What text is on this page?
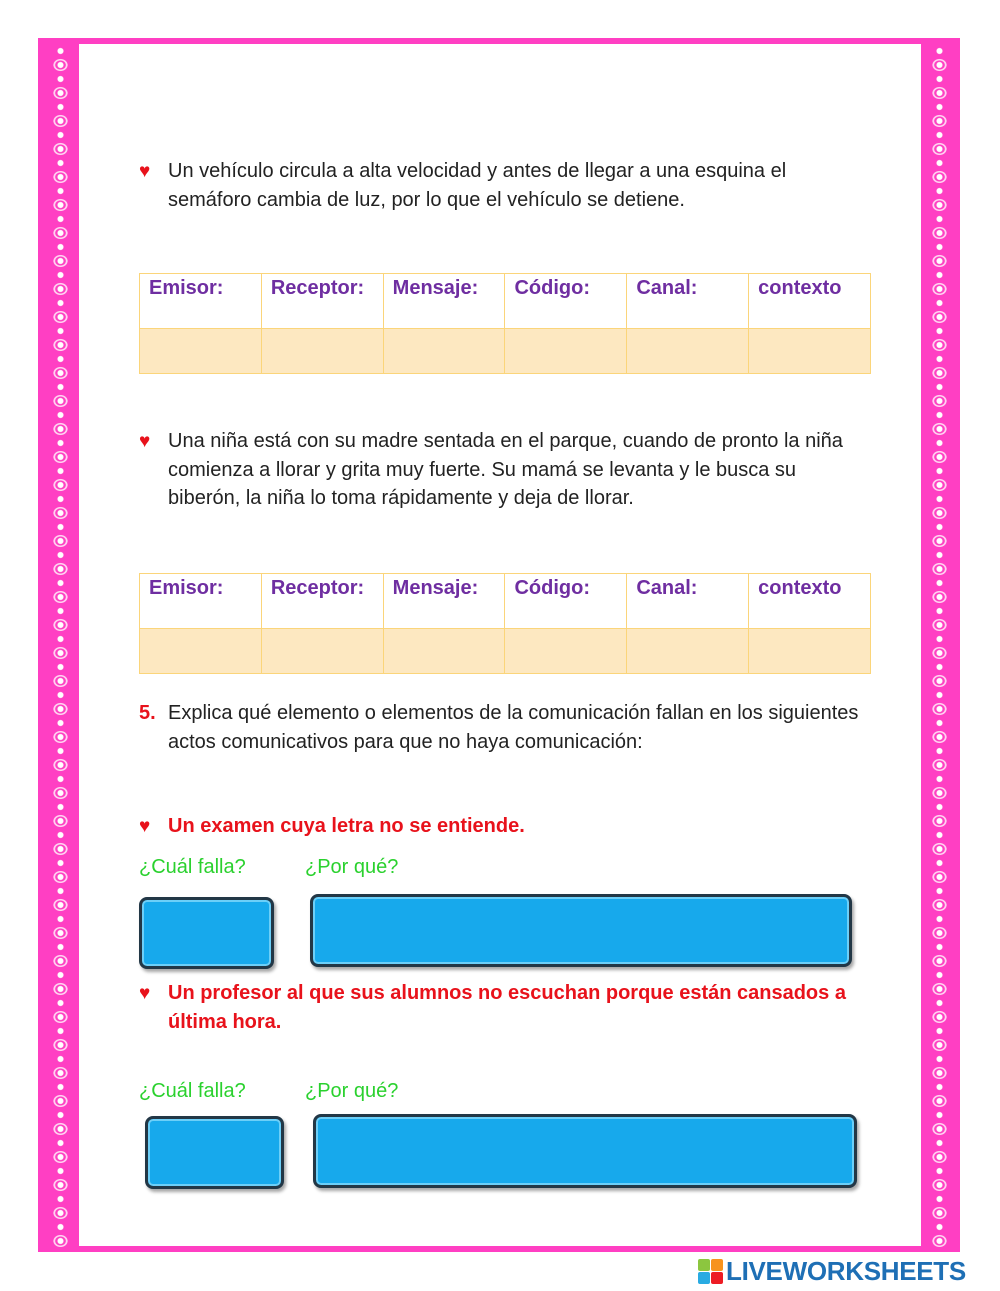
♥ Un vehículo circula a alta velocidad y antes de llegar a una esquina el semáforo cambia de luz, por lo que el vehículo se detiene.
Emisor:	Receptor:	Mensaje:	Código:	Canal:	contexto

♥ Una niña está con su madre sentada en el parque, cuando de pronto la niña comienza a llorar y grita muy fuerte. Su mamá se levanta y le busca su biberón, la niña lo toma rápidamente y deja de llorar.
Emisor:	Receptor:	Mensaje:	Código:	Canal:	contexto

5. Explica qué elemento o elementos de la comunicación fallan en los siguientes actos comunicativos para que no haya comunicación:
♥ Un examen cuya letra no se entiende.
¿Cuál falla?	¿Por qué?
♥ Un profesor al que sus alumnos no escuchan porque están cansados a última hora.
¿Cuál falla?	¿Por qué?
LIVEWORKSHEETS
